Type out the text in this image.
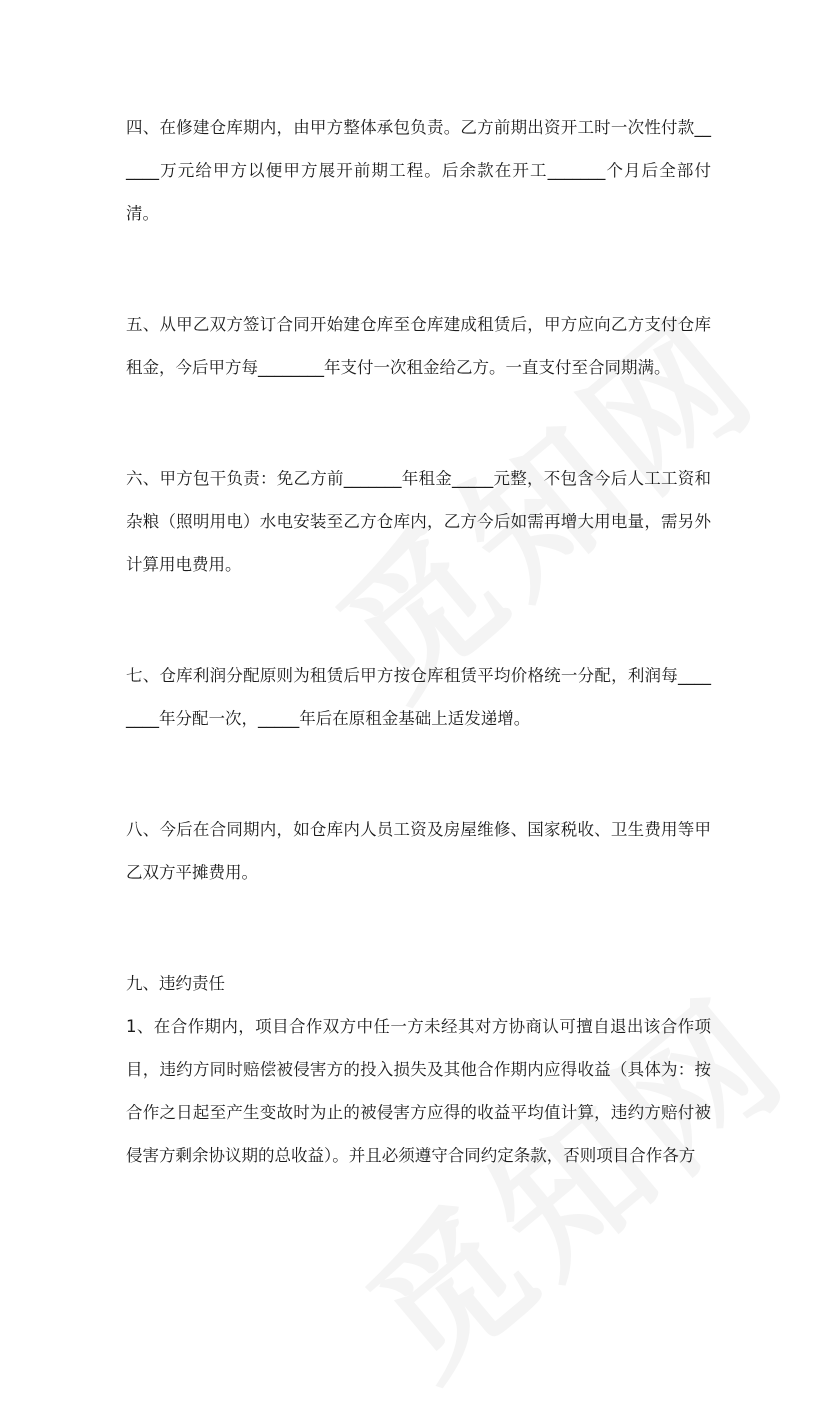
四、在修建仓库期内，由甲方整体承包负责。乙方前期出资开工时一次性付款______万元给甲方以便甲方展开前期工程。后余款在开工_______个月后全部付清。

五、从甲乙双方签订合同开始建仓库至仓库建成租赁后，甲方应向乙方支付仓库租金，今后甲方每________年支付一次租金给乙方。一直支付至合同期满。

六、甲方包干负责：免乙方前_______年租金_____元整，不包含今后人工工资和杂粮（照明用电）水电安装至乙方仓库内，乙方今后如需再增大用电量，需另外计算用电费用。

七、仓库利润分配原则为租赁后甲方按仓库租赁平均价格统一分配，利润每________年分配一次，_____年后在原租金基础上适发递增。

八、今后在合同期内，如仓库内人员工资及房屋维修、国家税收、卫生费用等甲乙双方平摊费用。

九、违约责任

1、在合作期内，项目合作双方中任一方未经其对方协商认可擅自退出该合作项目，违约方同时赔偿被侵害方的投入损失及其他合作期内应得收益（具体为：按合作之日起至产生变故时为止的被侵害方应得的收益平均值计算，违约方赔付被侵害方剩余协议期的总收益）。并且必须遵守合同约定条款，否则项目合作各方
